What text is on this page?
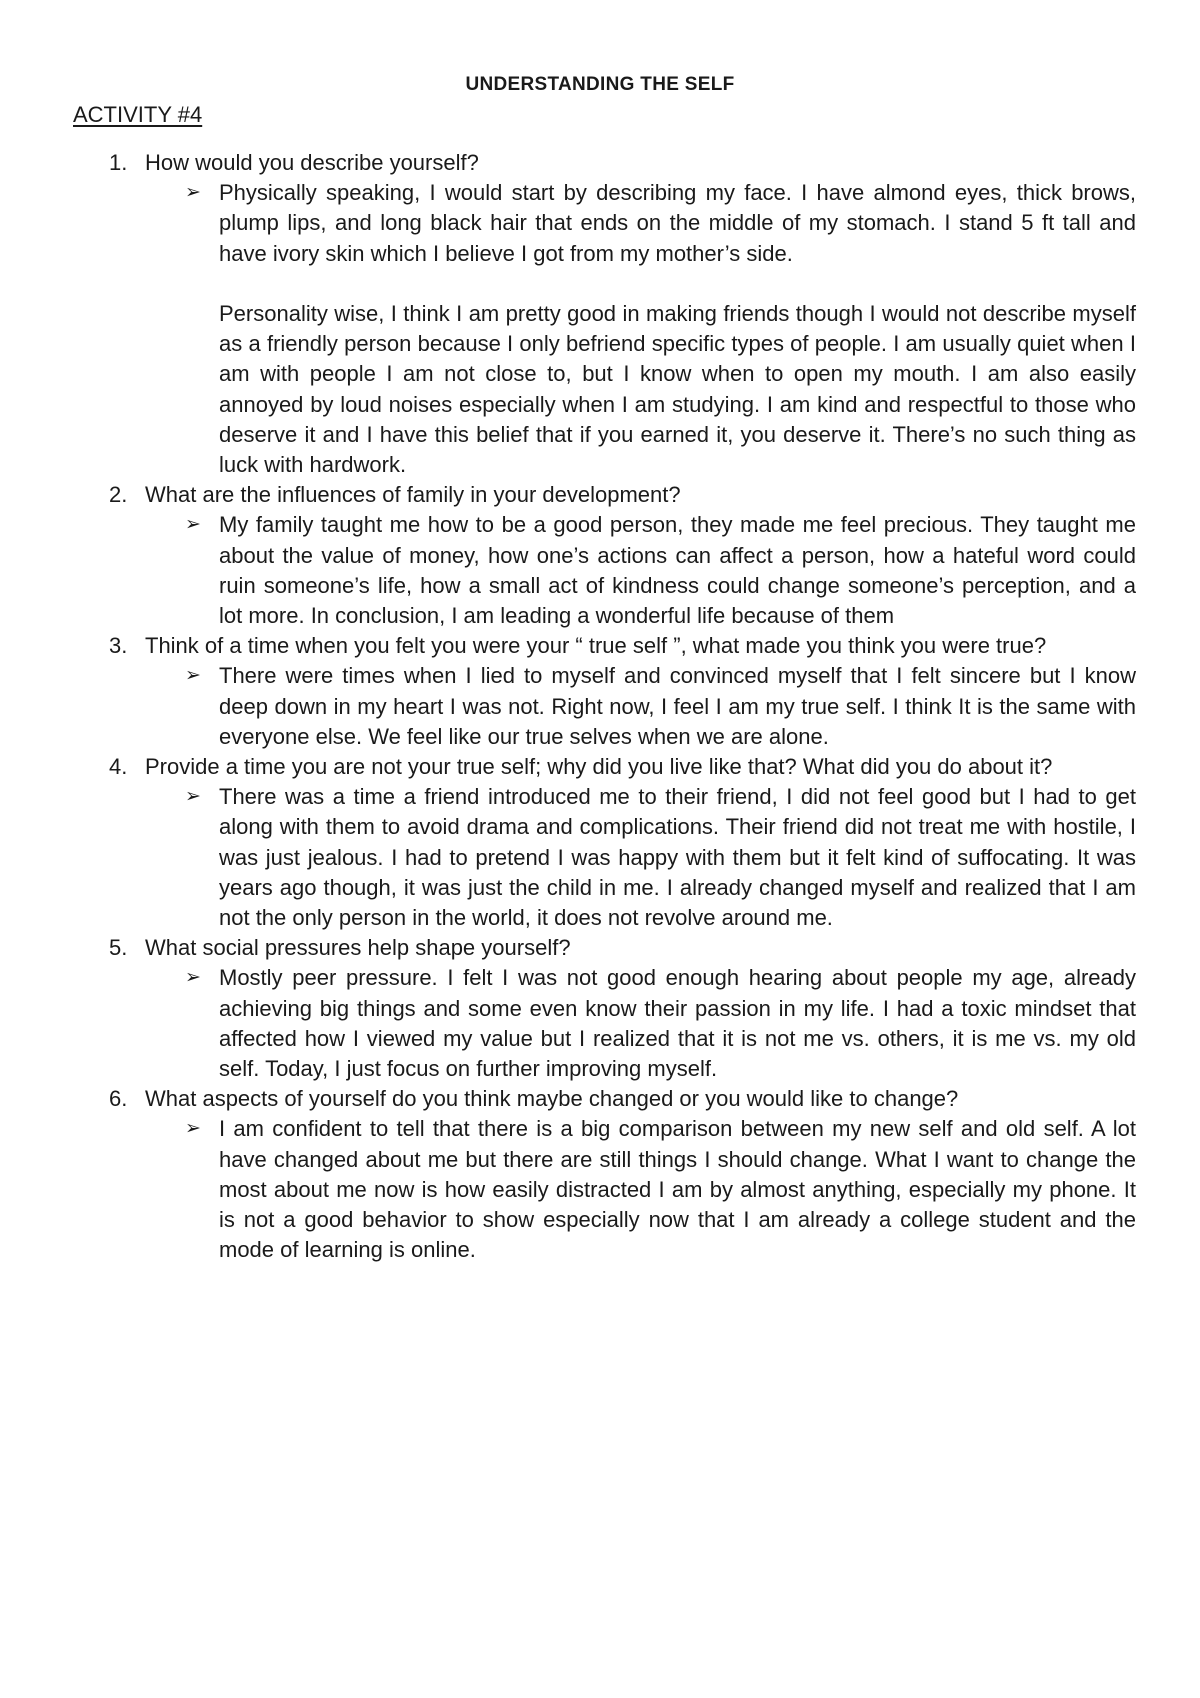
UNDERSTANDING THE SELF
ACTIVITY #4
1. How would you describe yourself?
➢ Physically speaking, I would start by describing my face. I have almond eyes, thick brows, plump lips, and long black hair that ends on the middle of my stomach. I stand 5 ft tall and have ivory skin which I believe I got from my mother’s side.

Personality wise, I think I am pretty good in making friends though I would not describe myself as a friendly person because I only befriend specific types of people. I am usually quiet when I am with people I am not close to, but I know when to open my mouth. I am also easily annoyed by loud noises especially when I am studying. I am kind and respectful to those who deserve it and I have this belief that if you earned it, you deserve it. There’s no such thing as luck with hardwork.

2. What are the influences of family in your development?
➢ My family taught me how to be a good person, they made me feel precious. They taught me about the value of money, how one’s actions can affect a person, how a hateful word could ruin someone’s life, how a small act of kindness could change someone’s perception, and a lot more. In conclusion, I am leading a wonderful life because of them

3. Think of a time when you felt you were your “ true self ”, what made you think you were true?
➢ There were times when I lied to myself and convinced myself that I felt sincere but I know deep down in my heart I was not. Right now, I feel I am my true self. I think It is the same with everyone else. We feel like our true selves when we are alone.

4. Provide a time you are not your true self; why did you live like that? What did you do about it?
➢ There was a time a friend introduced me to their friend, I did not feel good but I had to get along with them to avoid drama and complications. Their friend did not treat me with hostile, I was just jealous. I had to pretend I was happy with them but it felt kind of suffocating. It was years ago though, it was just the child in me. I already changed myself and realized that I am not the only person in the world, it does not revolve around me.

5. What social pressures help shape yourself?
➢ Mostly peer pressure. I felt I was not good enough hearing about people my age, already achieving big things and some even know their passion in my life. I had a toxic mindset that affected how I viewed my value but I realized that it is not me vs. others, it is me vs. my old self. Today, I just focus on further improving myself.

6. What aspects of yourself do you think maybe changed or you would like to change?
➢ I am confident to tell that there is a big comparison between my new self and old self. A lot have changed about me but there are still things I should change. What I want to change the most about me now is how easily distracted I am by almost anything, especially my phone. It is not a good behavior to show especially now that I am already a college student and the mode of learning is online.
